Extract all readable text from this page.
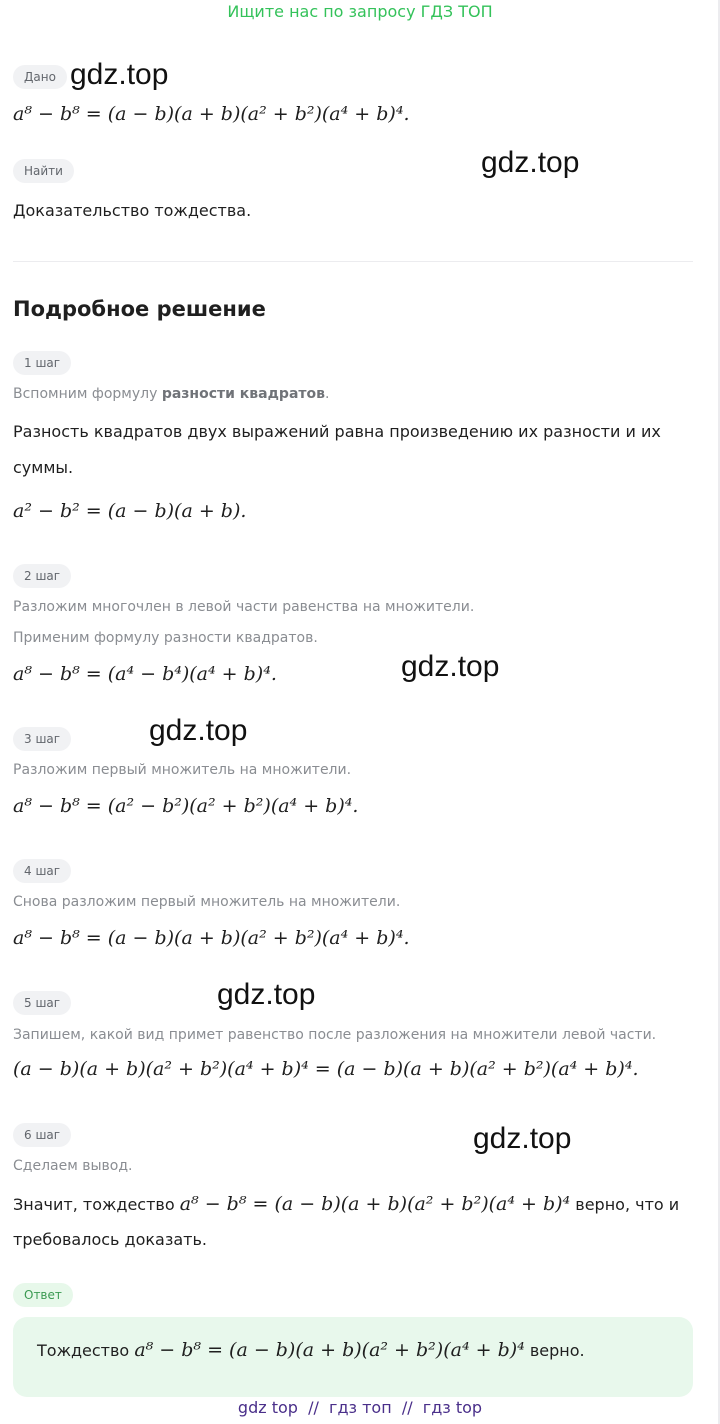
Ищите нас по запросу ГДЗ ТОП
Дано gdz.top
a⁸ − b⁸ = (a − b)(a + b)(a² + b²)(a⁴ + b)⁴.
Найти	gdz.top
Доказательство тождества.
Подробное решение
1 шаг
Вспомним формулу разности квадратов.
Разность квадратов двух выражений равна произведению их разности и их
суммы.
a² − b² = (a − b)(a + b).
2 шаг
Разложим многочлен в левой части равенства на множители.
Применим формулу разности квадратов.
a⁸ − b⁸ = (a⁴ − b⁴)(a⁴ + b)⁴.	gdz.top
3 шаг	gdz.top
Разложим первый множитель на множители.
a⁸ − b⁸ = (a² − b²)(a² + b²)(a⁴ + b)⁴.
4 шаг
Снова разложим первый множитель на множители.
a⁸ − b⁸ = (a − b)(a + b)(a² + b²)(a⁴ + b)⁴.
5 шаг	gdz.top
Запишем, какой вид примет равенство после разложения на множители левой части.
(a − b)(a + b)(a² + b²)(a⁴ + b)⁴ = (a − b)(a + b)(a² + b²)(a⁴ + b)⁴.
6 шаг	gdz.top
Сделаем вывод.
Значит, тождество a⁸ − b⁸ = (a − b)(a + b)(a² + b²)(a⁴ + b)⁴ верно, что и
требовалось доказать.
Ответ
Тождество a⁸ − b⁸ = (a − b)(a + b)(a² + b²)(a⁴ + b)⁴ верно.
gdz top  //  гдз топ  //  гдз top
